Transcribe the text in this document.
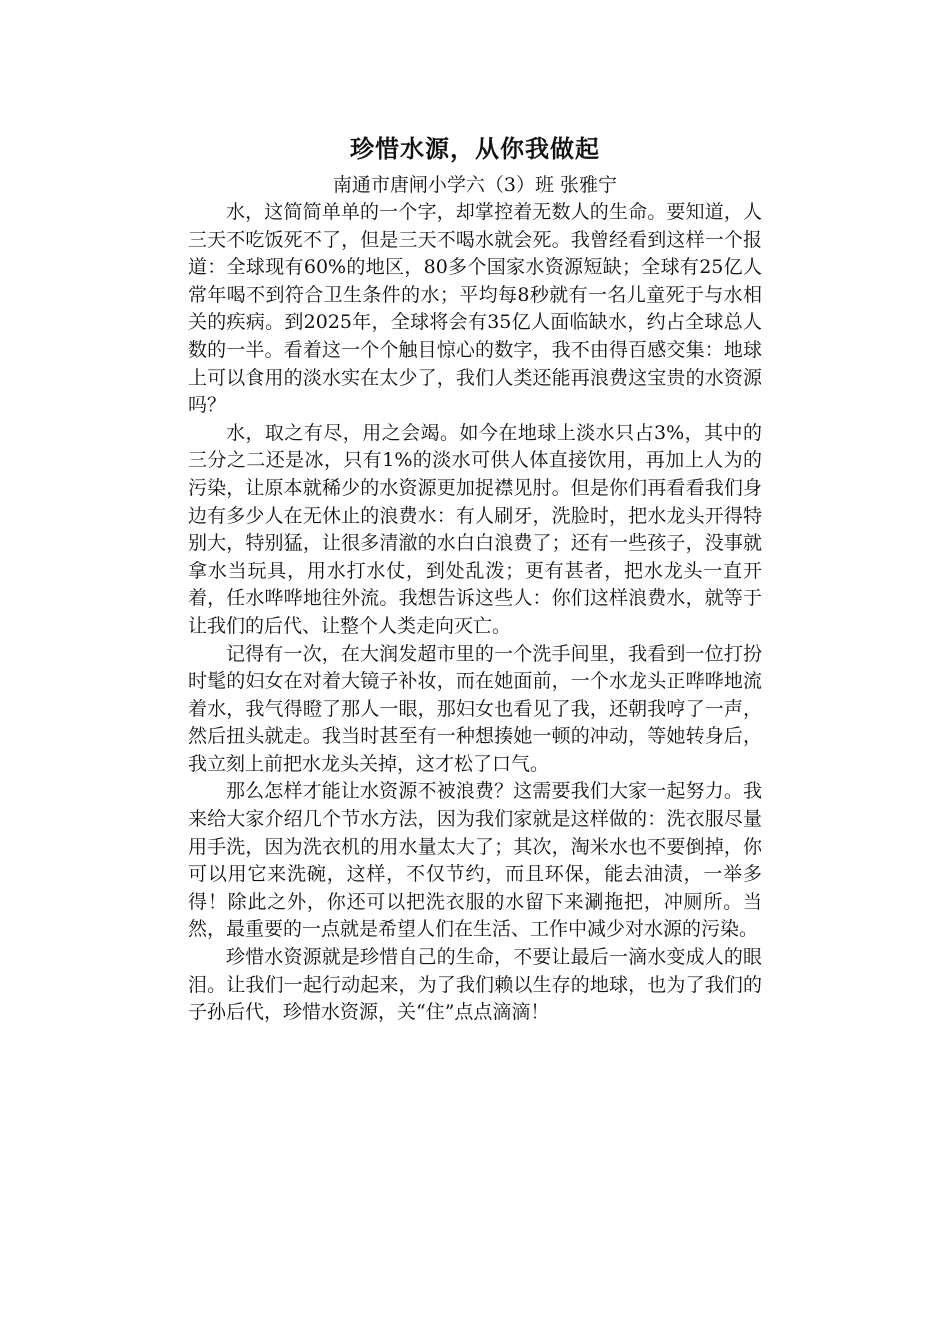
珍惜水源，从你我做起

南通市唐闸小学六（3）班 张雅宁

水，这简简单单的一个字，却掌控着无数人的生命。要知道，人三天不吃饭死不了，但是三天不喝水就会死。我曾经看到这样一个报道：全球现有60%的地区，80多个国家水资源短缺；全球有25亿人常年喝不到符合卫生条件的水；平均每8秒就有一名儿童死于与水相关的疾病。到2025年，全球将会有35亿人面临缺水，约占全球总人数的一半。看着这一个个触目惊心的数字，我不由得百感交集：地球上可以食用的淡水实在太少了，我们人类还能再浪费这宝贵的水资源吗？

水，取之有尽，用之会竭。如今在地球上淡水只占3%，其中的三分之二还是冰，只有1%的淡水可供人体直接饮用，再加上人为的污染，让原本就稀少的水资源更加捉襟见肘。但是你们再看看我们身边有多少人在无休止的浪费水：有人刷牙，洗脸时，把水龙头开得特别大，特别猛，让很多清澈的水白白浪费了；还有一些孩子，没事就拿水当玩具，用水打水仗，到处乱泼；更有甚者，把水龙头一直开着，任水哗哗地往外流。我想告诉这些人：你们这样浪费水，就等于让我们的后代、让整个人类走向灭亡。

记得有一次，在大润发超市里的一个洗手间里，我看到一位打扮时髦的妇女在对着大镜子补妆，而在她面前，一个水龙头正哗哗地流着水，我气得瞪了那人一眼，那妇女也看见了我，还朝我哼了一声，然后扭头就走。我当时甚至有一种想揍她一顿的冲动，等她转身后，我立刻上前把水龙头关掉，这才松了口气。

那么怎样才能让水资源不被浪费？这需要我们大家一起努力。我来给大家介绍几个节水方法，因为我们家就是这样做的：洗衣服尽量用手洗，因为洗衣机的用水量太大了；其次，淘米水也不要倒掉，你可以用它来洗碗，这样，不仅节约，而且环保，能去油渍，一举多得！除此之外，你还可以把洗衣服的水留下来涮拖把，冲厕所。当然，最重要的一点就是希望人们在生活、工作中减少对水源的污染。

珍惜水资源就是珍惜自己的生命，不要让最后一滴水变成人的眼泪。让我们一起行动起来，为了我们赖以生存的地球，也为了我们的 子孙后代，珍惜水资源，关“住”点点滴滴！
